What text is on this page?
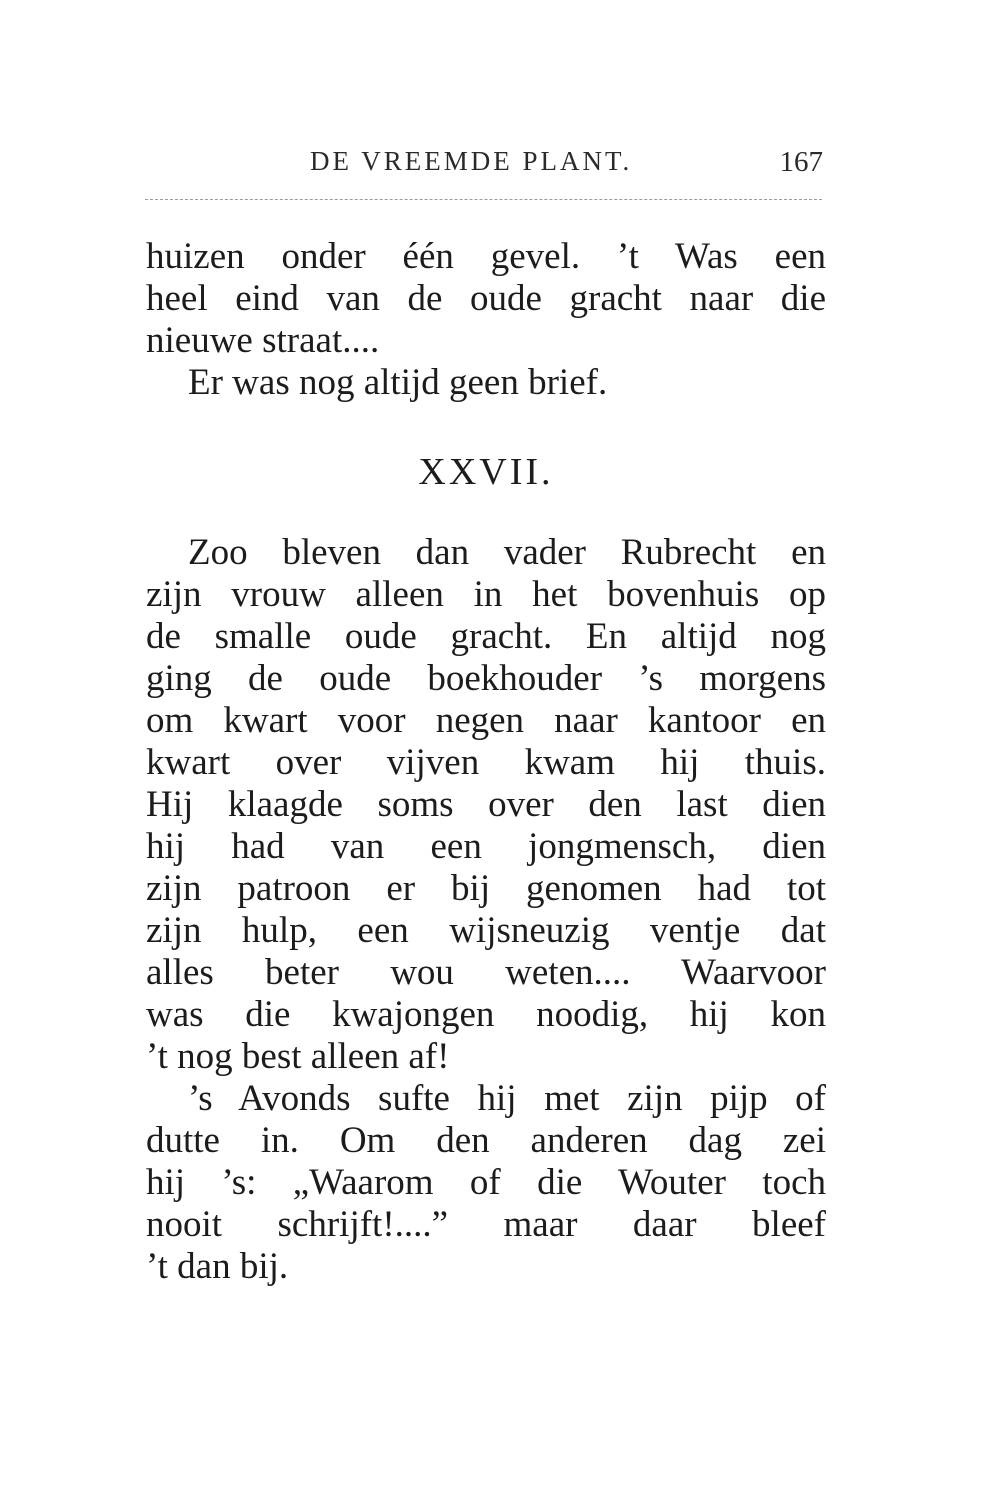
DE VREEMDE PLANT.	167
huizen onder één gevel. ’t Was een
heel eind van de oude gracht naar die
nieuwe straat....
Er was nog altijd geen brief.
XXVII.
Zoo bleven dan vader Rubrecht en
zijn vrouw alleen in het bovenhuis op
de smalle oude gracht. En altijd nog
ging de oude boekhouder ’s morgens
om kwart voor negen naar kantoor en
kwart over vijven kwam hij thuis.
Hij klaagde soms over den last dien
hij had van een jongmensch, dien
zijn patroon er bij genomen had tot
zijn hulp, een wijsneuzig ventje dat
alles beter wou weten.... Waarvoor
was die kwajongen noodig, hij kon
’t nog best alleen af!
’s Avonds sufte hij met zijn pijp of
dutte in. Om den anderen dag zei
hij ’s: „Waarom of die Wouter toch
nooit schrijft!....” maar daar bleef
’t dan bij.
